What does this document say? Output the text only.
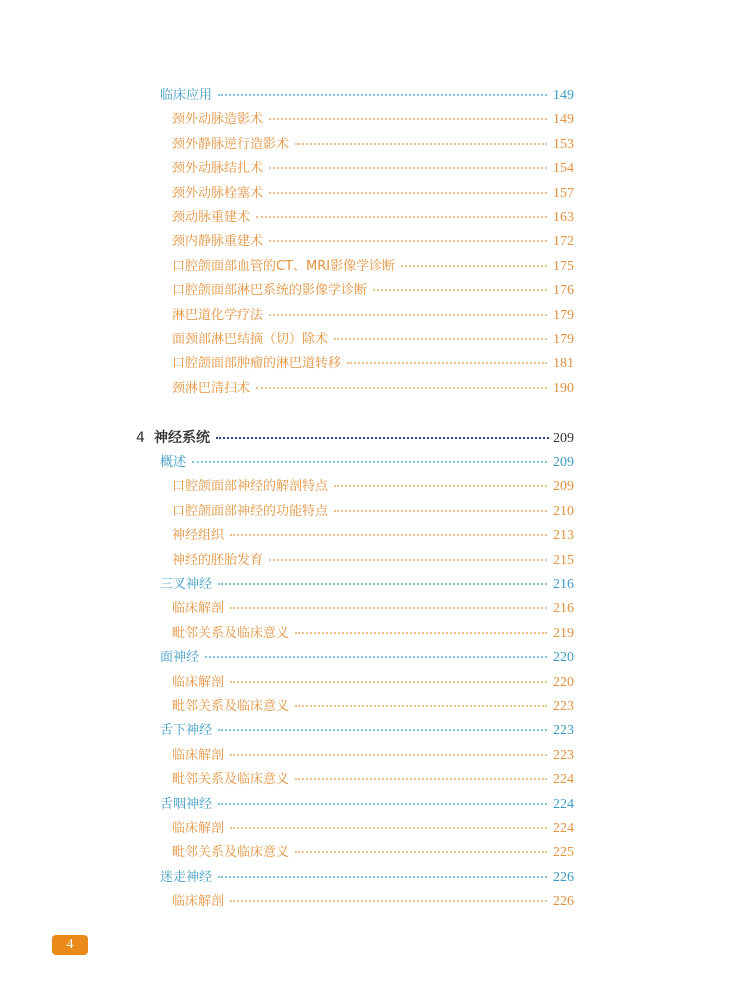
临床应用	149
颈外动脉造影术	149
颈外静脉逆行造影术	153
颈外动脉结扎术	154
颈外动脉栓塞术	157
颈动脉重建术	163
颈内静脉重建术	172
口腔颌面部血管的CT、MRI影像学诊断	175
口腔颌面部淋巴系统的影像学诊断	176
淋巴道化学疗法	179
面颈部淋巴结摘（切）除术	179
口腔颌面部肿瘤的淋巴道转移	181
颈淋巴清扫术	190
4 神经系统	209
概述	209
口腔颌面部神经的解剖特点	209
口腔颌面部神经的功能特点	210
神经组织	213
神经的胚胎发育	215
三叉神经	216
临床解剖	216
毗邻关系及临床意义	219
面神经	220
临床解剖	220
毗邻关系及临床意义	223
舌下神经	223
临床解剖	223
毗邻关系及临床意义	224
舌咽神经	224
临床解剖	224
毗邻关系及临床意义	225
迷走神经	226
临床解剖	226
4
